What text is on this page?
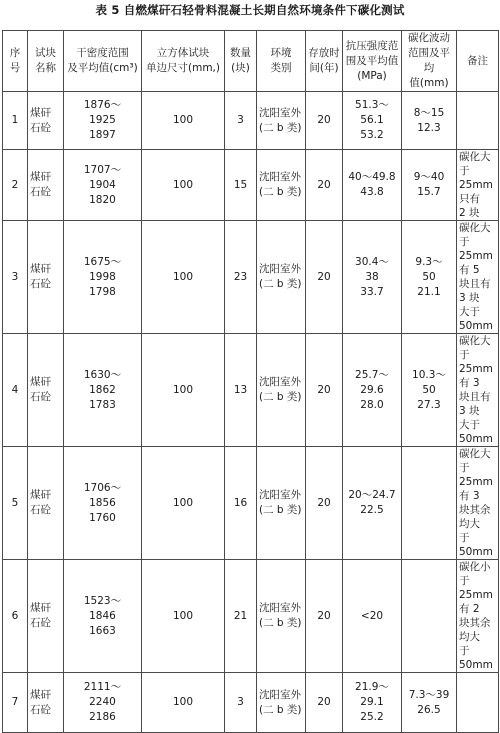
表 5 自燃煤矸石轻骨料混凝土长期自然环境条件下碳化测试
序
号	试块
名称	干密度范围
及平均值(cm³)	立方体试块
单边尺寸(mm,)	数量
(块)	环境
类别	存放时
间(年)	抗压强度范
围及平均值
(MPa)	碳化波动
范围及平均
值(mm)	备注
1	煤矸
石砼	1876～
1925
1897	100	3	沈阳室外
(二 b 类)	20	51.3～
56.1
53.2	8～15
12.3	
2	煤矸
石砼	1707～
1904
1820	100	15	沈阳室外
(二 b 类)	20	40～49.8
43.8	9～40
15.7	碳化大于
25mm 只有
2 块
3	煤矸
石砼	1675～
1998
1798	100	23	沈阳室外
(二 b 类)	20	30.4～
38
33.7	9.3～
50
21.1	碳化大于
25mm 有 5
块且有 3 块
大于 50mm
4	煤矸
石砼	1630～
1862
1783	100	13	沈阳室外
(二 b 类)	20	25.7～
29.6
28.0	10.3～
50
27.3	碳化大于
25mm 有 3
块且有 3 块
大于
50mm
5	煤矸
石砼	1706～
1856
1760	100	16	沈阳室外
(二 b 类)	20	20～24.7
22.5		碳化大于
25mm 有 3
块其余均大
于 50mm
6	煤矸
石砼	1523～
1846
1663	100	21	沈阳室外
(二 b 类)	20	<20		碳化小于
25mm 有 2
块其余均大
于 50mm
7	煤矸
石砼	2111～
2240
2186	100	3	沈阳室外
(二 b 类)	20	21.9～
29.1
25.2	7.3～39
26.5	
